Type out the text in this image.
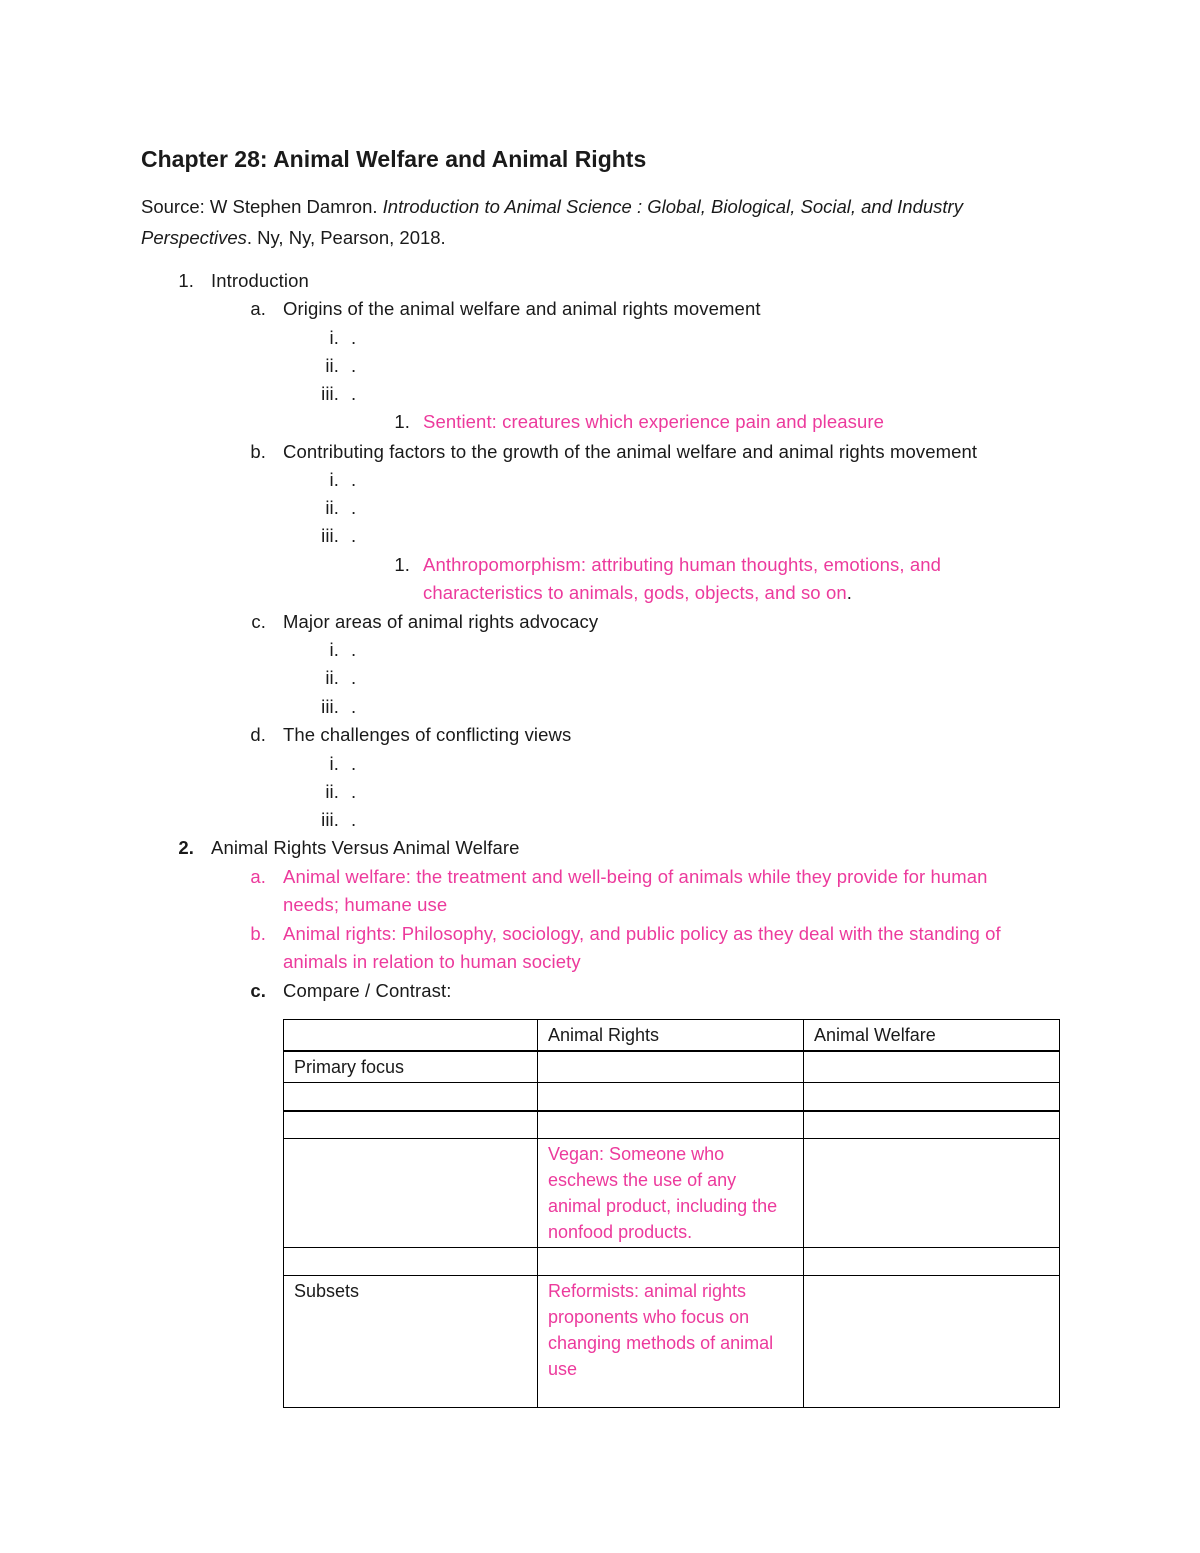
Chapter 28: Animal Welfare and Animal Rights
Source: W Stephen Damron. Introduction to Animal Science : Global, Biological, Social, and Industry
Perspectives. Ny, Ny, Pearson, 2018.
1. Introduction
a. Origins of the animal welfare and animal rights movement
i. .
ii. .
iii. .
1. Sentient: creatures which experience pain and pleasure
b. Contributing factors to the growth of the animal welfare and animal rights movement
i. .
ii. .
iii. .
1. Anthropomorphism: attributing human thoughts, emotions, and
characteristics to animals, gods, objects, and so on.
c. Major areas of animal rights advocacy
i. .
ii. .
iii. .
d. The challenges of conflicting views
i. .
ii. .
iii. .
2. Animal Rights Versus Animal Welfare
a. Animal welfare: the treatment and well-being of animals while they provide for human
needs; humane use
b. Animal rights: Philosophy, sociology, and public policy as they deal with the standing of
animals in relation to human society
c. Compare / Contrast:
	Animal Rights	Animal Welfare
Primary focus		

	Vegan: Someone who eschews the use of any animal product, including the nonfood products.	

Subsets	Reformists: animal rights proponents who focus on changing methods of animal use	
